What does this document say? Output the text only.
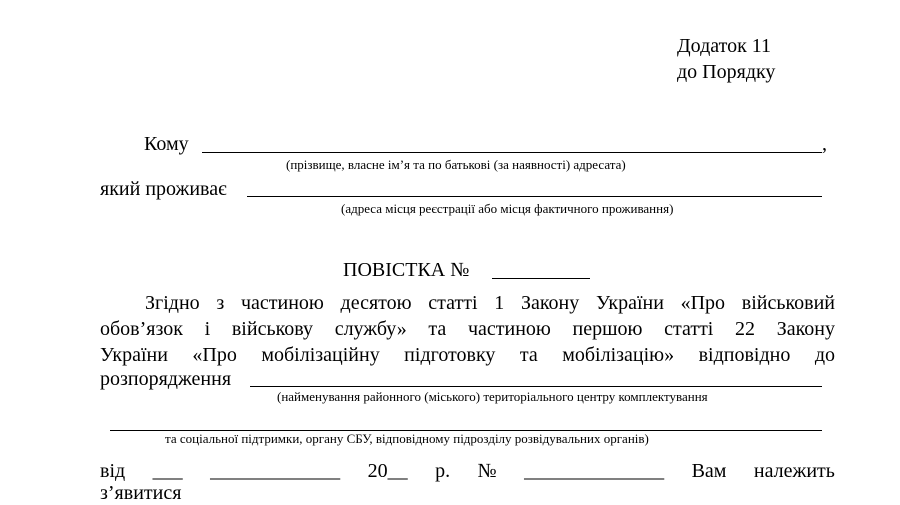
Додаток 11
до Порядку
Кому	,
(прізвище, власне ім’я та по батькові (за наявності) адресата)
який проживає
(адреса місця реєстрації або місця фактичного проживання)
ПОВІСТКА №
Згідно з частиною десятою статті 1 Закону України «Про військовий
обов’язок і військову службу» та частиною першою статті 22 Закону
України «Про мобілізаційну підготовку та мобілізацію» відповідно до
розпорядження
(найменування районного (міського) територіального центру комплектування
та соціальної підтримки, органу СБУ, відповідному підрозділу розвідувальних органів)
від ___ _____________ 20__ р. № ______________ Вам належить
з’явитися
